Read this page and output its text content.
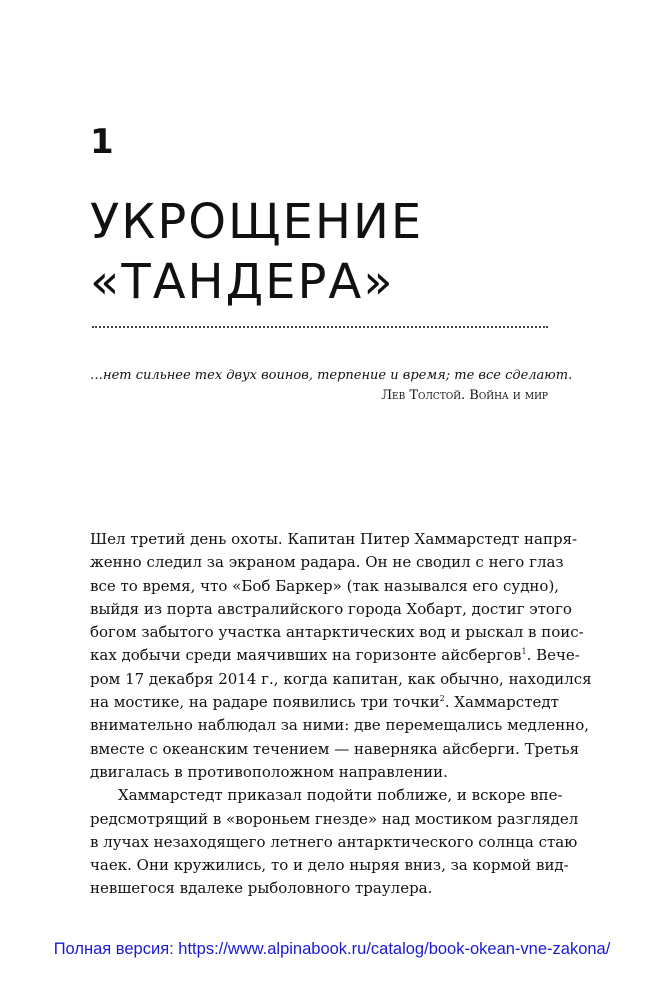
1
УКРОЩЕНИЕ
«ТАНДЕРА»
…нет сильнее тех двух воинов, терпение и время; те все сделают.
Лев Толстой. Война и мир
Шел третий день охоты. Капитан Питер Хаммарстедт напря-
женно следил за экраном радара. Он не сводил с него глаз
все то время, что «Боб Баркер» (так назывался его судно),
выйдя из порта австралийского города Хобарт, достиг этого
богом забытого участка антарктических вод и рыскал в поис-
ках добычи среди маячивших на горизонте айсбергов$^1$. Вече-
ром 17 декабря 2014 г., когда капитан, как обычно, находился
на мостике, на радаре появились три точки$^2$. Хаммарстедт
внимательно наблюдал за ними: две перемещались медленно,
вместе с океанским течением — наверняка айсберги. Третья
двигалась в противоположном направлении.
Хаммарстедт приказал подойти поближе, и вскоре впе-
редсмотрящий в «вороньем гнезде» над мостиком разглядел
в лучах незаходящего летнего антарктического солнца стаю
чаек. Они кружились, то и дело ныряя вниз, за кормой вид-
невшегося вдалеке рыболовного траулера.
Полная версия: https://www.alpinabook.ru/catalog/book-okean-vne-zakona/
